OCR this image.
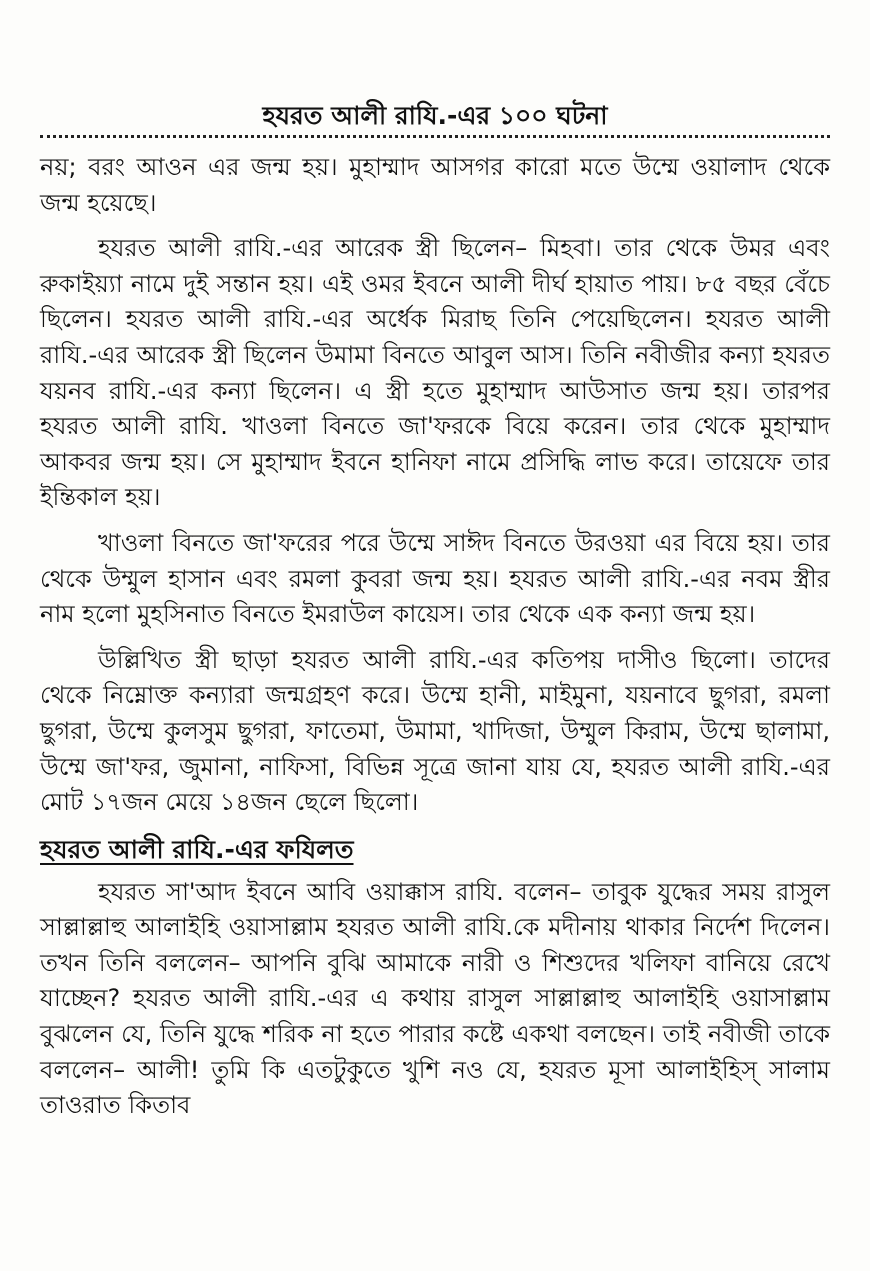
হযরত আলী রাযি.-এর ১০০ ঘটনা

নয়; বরং আওন এর জন্ম হয়। মুহাম্মাদ আসগর কারো মতে উম্মে ওয়ালাদ থেকে জন্ম হয়েছে।

হযরত আলী রাযি.-এর আরেক স্ত্রী ছিলেন– মিহবা। তার থেকে উমর এবং রুকাইয়্যা নামে দুই সন্তান হয়। এই ওমর ইবনে আলী দীর্ঘ হায়াত পায়। ৮৫ বছর বেঁচে ছিলেন। হযরত আলী রাযি.-এর অর্ধেক মিরাছ তিনি পেয়েছিলেন। হযরত আলী রাযি.-এর আরেক স্ত্রী ছিলেন উমামা বিনতে আবুল আস। তিনি নবীজীর কন্যা হযরত যয়নব রাযি.-এর কন্যা ছিলেন। এ স্ত্রী হতে মুহাম্মাদ আউসাত জন্ম হয়। তারপর হযরত আলী রাযি. খাওলা বিনতে জা'ফরকে বিয়ে করেন। তার থেকে মুহাম্মাদ আকবর জন্ম হয়। সে মুহাম্মাদ ইবনে হানিফা নামে প্রসিদ্ধি লাভ করে। তায়েফে তার ইন্তিকাল হয়।

খাওলা বিনতে জা'ফরের পরে উম্মে সাঈদ বিনতে উরওয়া এর বিয়ে হয়। তার থেকে উম্মুল হাসান এবং রমলা কুবরা জন্ম হয়। হযরত আলী রাযি.-এর নবম স্ত্রীর নাম হলো মুহসিনাত বিনতে ইমরাউল কায়েস। তার থেকে এক কন্যা জন্ম হয়।

উল্লিখিত স্ত্রী ছাড়া হযরত আলী রাযি.-এর কতিপয় দাসীও ছিলো। তাদের থেকে নিম্নোক্ত কন্যারা জন্মগ্রহণ করে। উম্মে হানী, মাইমুনা, যয়নাবে ছুগরা, রমলা ছুগরা, উম্মে কুলসুম ছুগরা, ফাতেমা, উমামা, খাদিজা, উম্মুল কিরাম, উম্মে ছালামা, উম্মে জা'ফর, জুমানা, নাফিসা, বিভিন্ন সূত্রে জানা যায় যে, হযরত আলী রাযি.-এর মোট ১৭জন মেয়ে ১৪জন ছেলে ছিলো।

হযরত আলী রাযি.-এর ফযিলত

হযরত সা'আদ ইবনে আবি ওয়াক্কাস রাযি. বলেন– তাবুক যুদ্ধের সময় রাসুল সাল্লাল্লাহু আলাইহি ওয়াসাল্লাম হযরত আলী রাযি.কে মদীনায় থাকার নির্দেশ দিলেন। তখন তিনি বললেন– আপনি বুঝি আমাকে নারী ও শিশুদের খলিফা বানিয়ে রেখে যাচ্ছেন? হযরত আলী রাযি.-এর এ কথায় রাসুল সাল্লাল্লাহু আলাইহি ওয়াসাল্লাম বুঝলেন যে, তিনি যুদ্ধে শরিক না হতে পারার কষ্টে একথা বলছেন। তাই নবীজী তাকে বললেন– আলী! তুমি কি এতটুকুতে খুশি নও যে, হযরত মূসা আলাইহিস্ সালাম তাওরাত কিতাব
